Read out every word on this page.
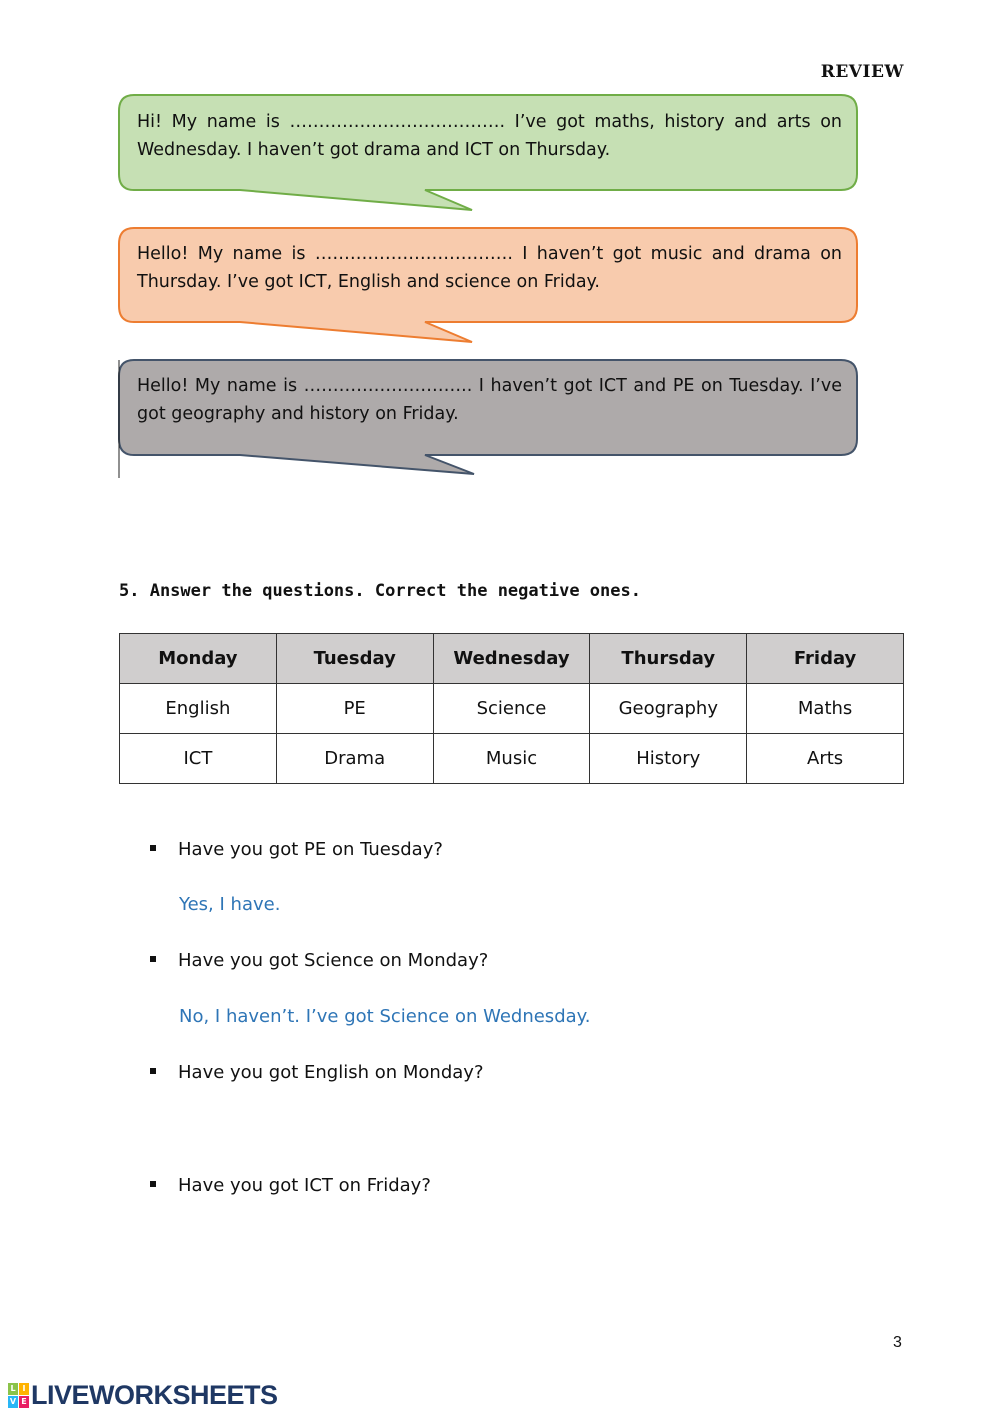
REVIEW
Hi! My name is ………………………………. I’ve got maths, history and arts on Wednesday. I haven’t got drama and ICT on Thursday.
Hello! My name is ……………………………. I haven’t got music and drama on Thursday. I’ve got ICT, English and science on Friday.
Hello! My name is ……………………….. I haven’t got ICT and PE on Tuesday. I’ve got geography and history on Friday.
5. Answer the questions. Correct the negative ones.
Monday	Tuesday	Wednesday	Thursday	Friday
English	PE	Science	Geography	Maths
ICT	Drama	Music	History	Arts
Have you got PE on Tuesday?
Yes, I have.
Have you got Science on Monday?
No, I haven’t. I’ve got Science on Wednesday.
Have you got English on Monday?
Have you got ICT on Friday?
3
L I
V E LIVEWORKSHEETS
